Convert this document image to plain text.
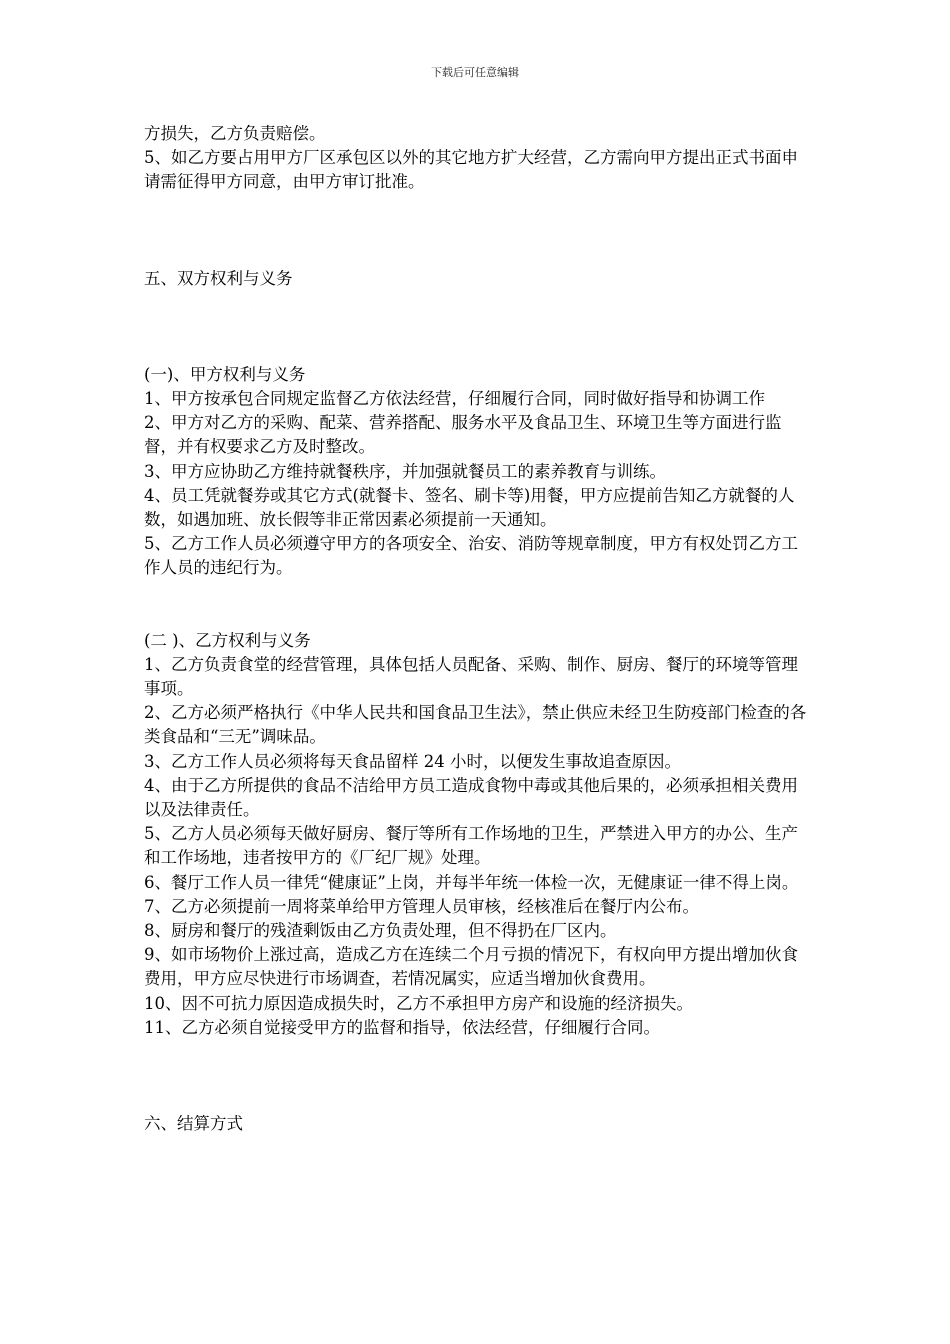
下载后可任意编辑

方损失，乙方负责赔偿。

5、如乙方要占用甲方厂区承包区以外的其它地方扩大经营，乙方需向甲方提出正式书面申请需征得甲方同意，由甲方审订批准。

五、双方权利与义务

(一)、甲方权利与义务

1、甲方按承包合同规定监督乙方依法经营，仔细履行合同，同时做好指导和协调工作

2、甲方对乙方的采购、配菜、营养搭配、服务水平及食品卫生、环境卫生等方面进行监督，并有权要求乙方及时整改。

3、甲方应协助乙方维持就餐秩序，并加强就餐员工的素养教育与训练。

4、员工凭就餐券或其它方式(就餐卡、签名、刷卡等)用餐，甲方应提前告知乙方就餐的人数，如遇加班、放长假等非正常因素必须提前一天通知。

5、乙方工作人员必须遵守甲方的各项安全、治安、消防等规章制度，甲方有权处罚乙方工作人员的违纪行为。

(二 )、乙方权利与义务

1、乙方负责食堂的经营管理，具体包括人员配备、采购、制作、厨房、餐厅的环境等管理事项。

2、乙方必须严格执行《中华人民共和国食品卫生法》，禁止供应未经卫生防疫部门检查的各类食品和“三无”调味品。

3、乙方工作人员必须将每天食品留样 24 小时，以便发生事故追查原因。

4、由于乙方所提供的食品不洁给甲方员工造成食物中毒或其他后果的，必须承担相关费用以及法律责任。

5、乙方人员必须每天做好厨房、餐厅等所有工作场地的卫生，严禁进入甲方的办公、生产和工作场地，违者按甲方的《厂纪厂规》处理。

6、餐厅工作人员一律凭“健康证”上岗，并每半年统一体检一次，无健康证一律不得上岗。

7、乙方必须提前一周将菜单给甲方管理人员审核，经核准后在餐厅内公布。

8、厨房和餐厅的残渣剩饭由乙方负责处理，但不得扔在厂区内。

9、如市场物价上涨过高，造成乙方在连续二个月亏损的情况下，有权向甲方提出增加伙食费用，甲方应尽快进行市场调查，若情况属实，应适当增加伙食费用。

10、因不可抗力原因造成损失时，乙方不承担甲方房产和设施的经济损失。

11、乙方必须自觉接受甲方的监督和指导，依法经营，仔细履行合同。

六、结算方式
